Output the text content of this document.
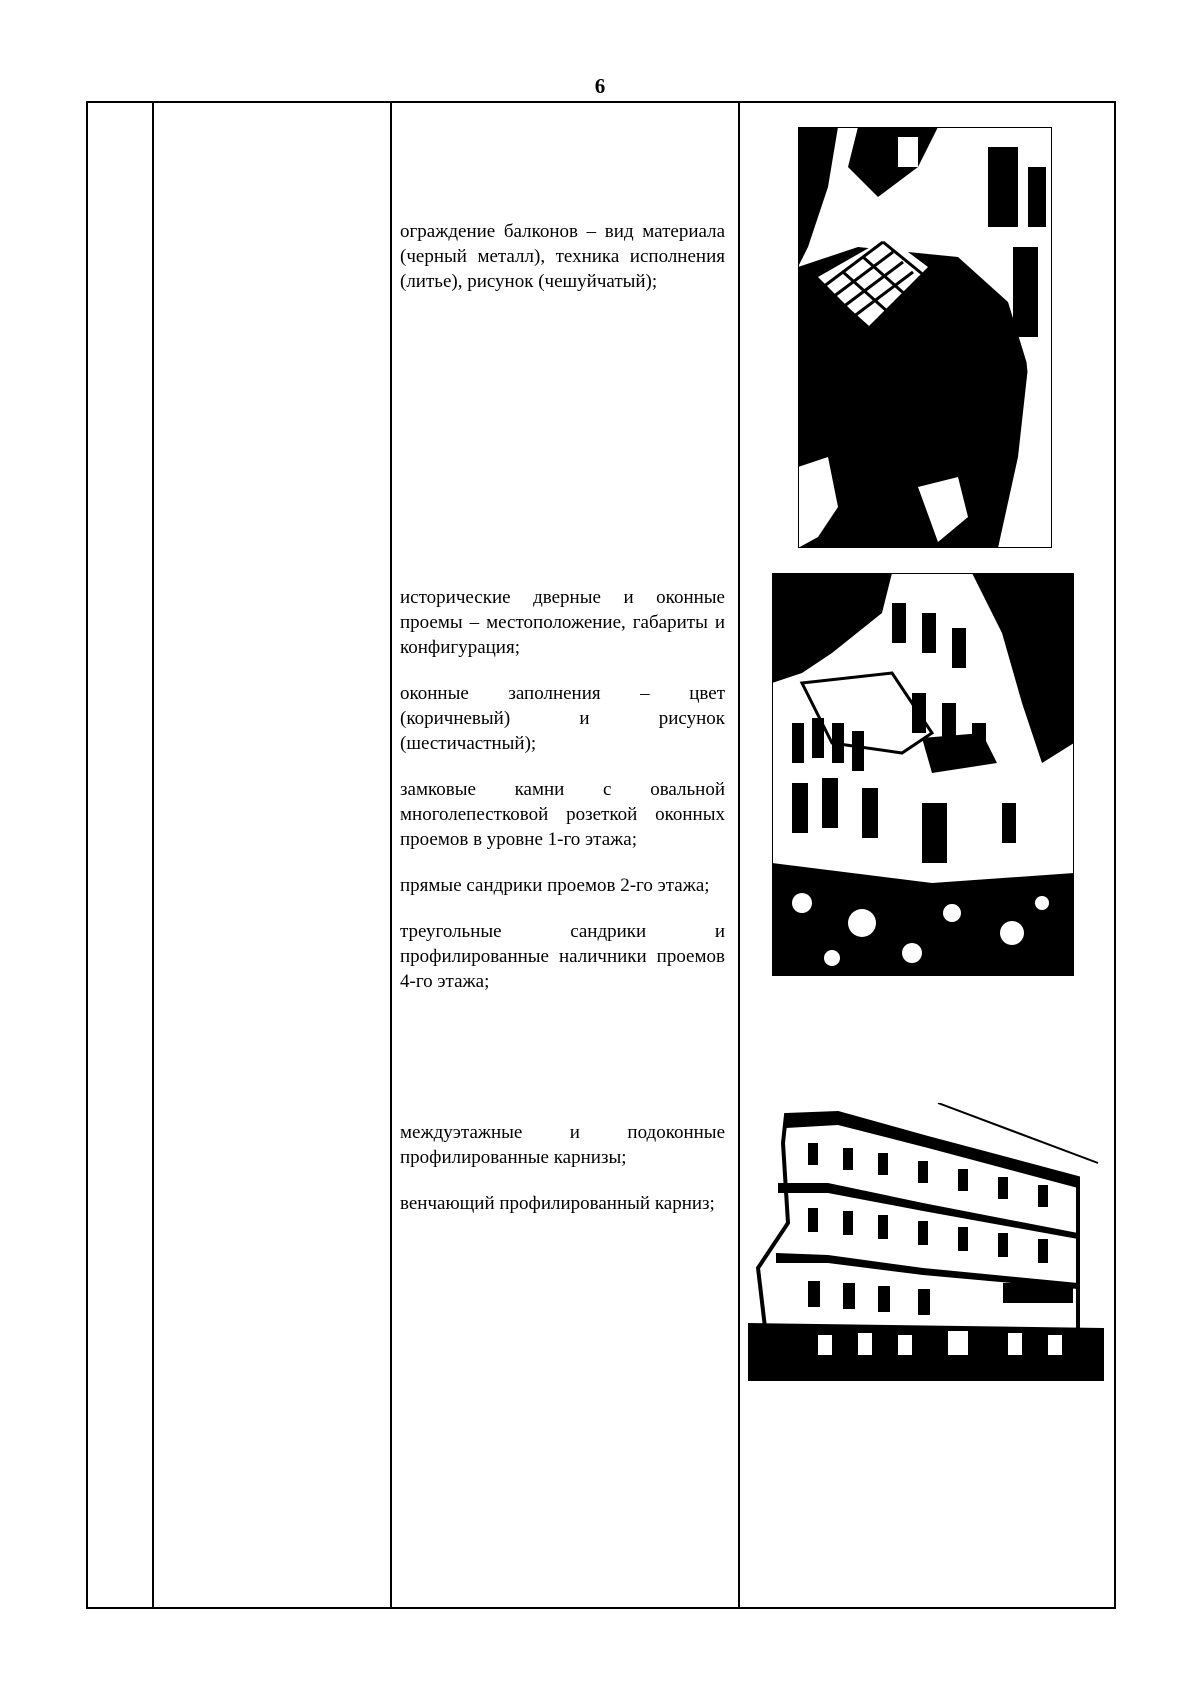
6

ограждение балконов – вид материала (черный металл), техника исполнения (литье), рисунок (чешуйчатый);

исторические дверные и оконные проемы – местоположение, габариты и конфигурация;

оконные заполнения – цвет (коричневый) и рисунок (шестичастный);

замковые камни с овальной многолепестковой розеткой оконных проемов в уровне 1-го этажа;

прямые сандрики проемов 2-го этажа;

треугольные сандрики и профилированные наличники проемов 4-го этажа;

междуэтажные и подоконные профилированные карнизы;

венчающий профилированный карниз;
